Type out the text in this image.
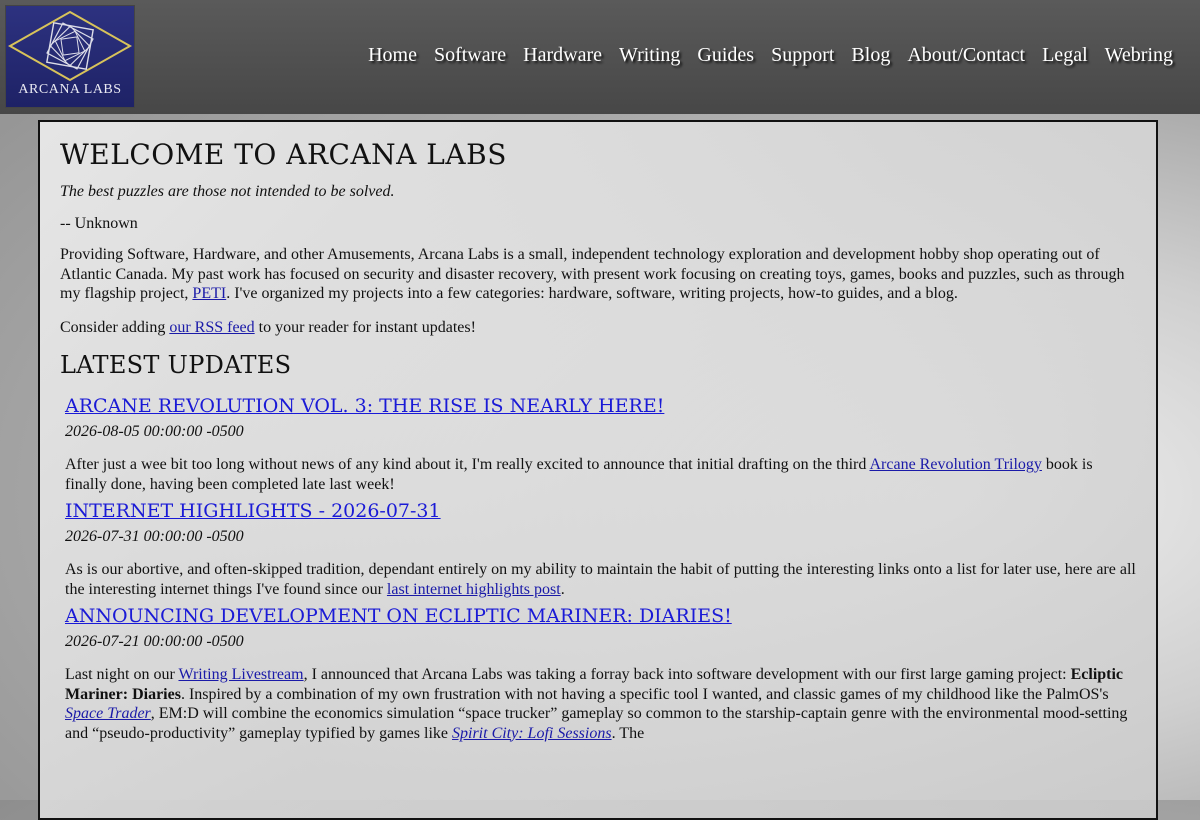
ARCANA LABS
Home Software Hardware Writing Guides Support Blog About/Contact Legal Webring
WELCOME TO ARCANA LABS
The best puzzles are those not intended to be solved.
-- Unknown

Providing Software, Hardware, and other Amusements, Arcana Labs is a small, independent technology exploration and development hobby shop operating out of Atlantic Canada. My past work has focused on security and disaster recovery, with present work focusing on creating toys, games, books and puzzles, such as through my flagship project, PETI. I've organized my projects into a few categories: hardware, software, writing projects, how-to guides, and a blog.

Consider adding our RSS feed to your reader for instant updates!

LATEST UPDATES
ARCANE REVOLUTION VOL. 3: THE RISE IS NEARLY HERE!
2026-08-05 00:00:00 -0500

After just a wee bit too long without news of any kind about it, I'm really excited to announce that initial drafting on the third Arcane Revolution Trilogy book is finally done, having been completed late last week!

INTERNET HIGHLIGHTS - 2026-07-31
2026-07-31 00:00:00 -0500

As is our abortive, and often-skipped tradition, dependant entirely on my ability to maintain the habit of putting the interesting links onto a list for later use, here are all the interesting internet things I've found since our last internet highlights post.

ANNOUNCING DEVELOPMENT ON ECLIPTIC MARINER: DIARIES!
2026-07-21 00:00:00 -0500

Last night on our Writing Livestream, I announced that Arcana Labs was taking a forray back into software development with our first large gaming project: Ecliptic Mariner: Diaries. Inspired by a combination of my own frustration with not having a specific tool I wanted, and classic games of my childhood like the PalmOS's Space Trader, EM:D will combine the economics simulation “space trucker” gameplay so common to the starship-captain genre with the environmental mood-setting and “pseudo-productivity” gameplay typified by games like Spirit City: Lofi Sessions. The
